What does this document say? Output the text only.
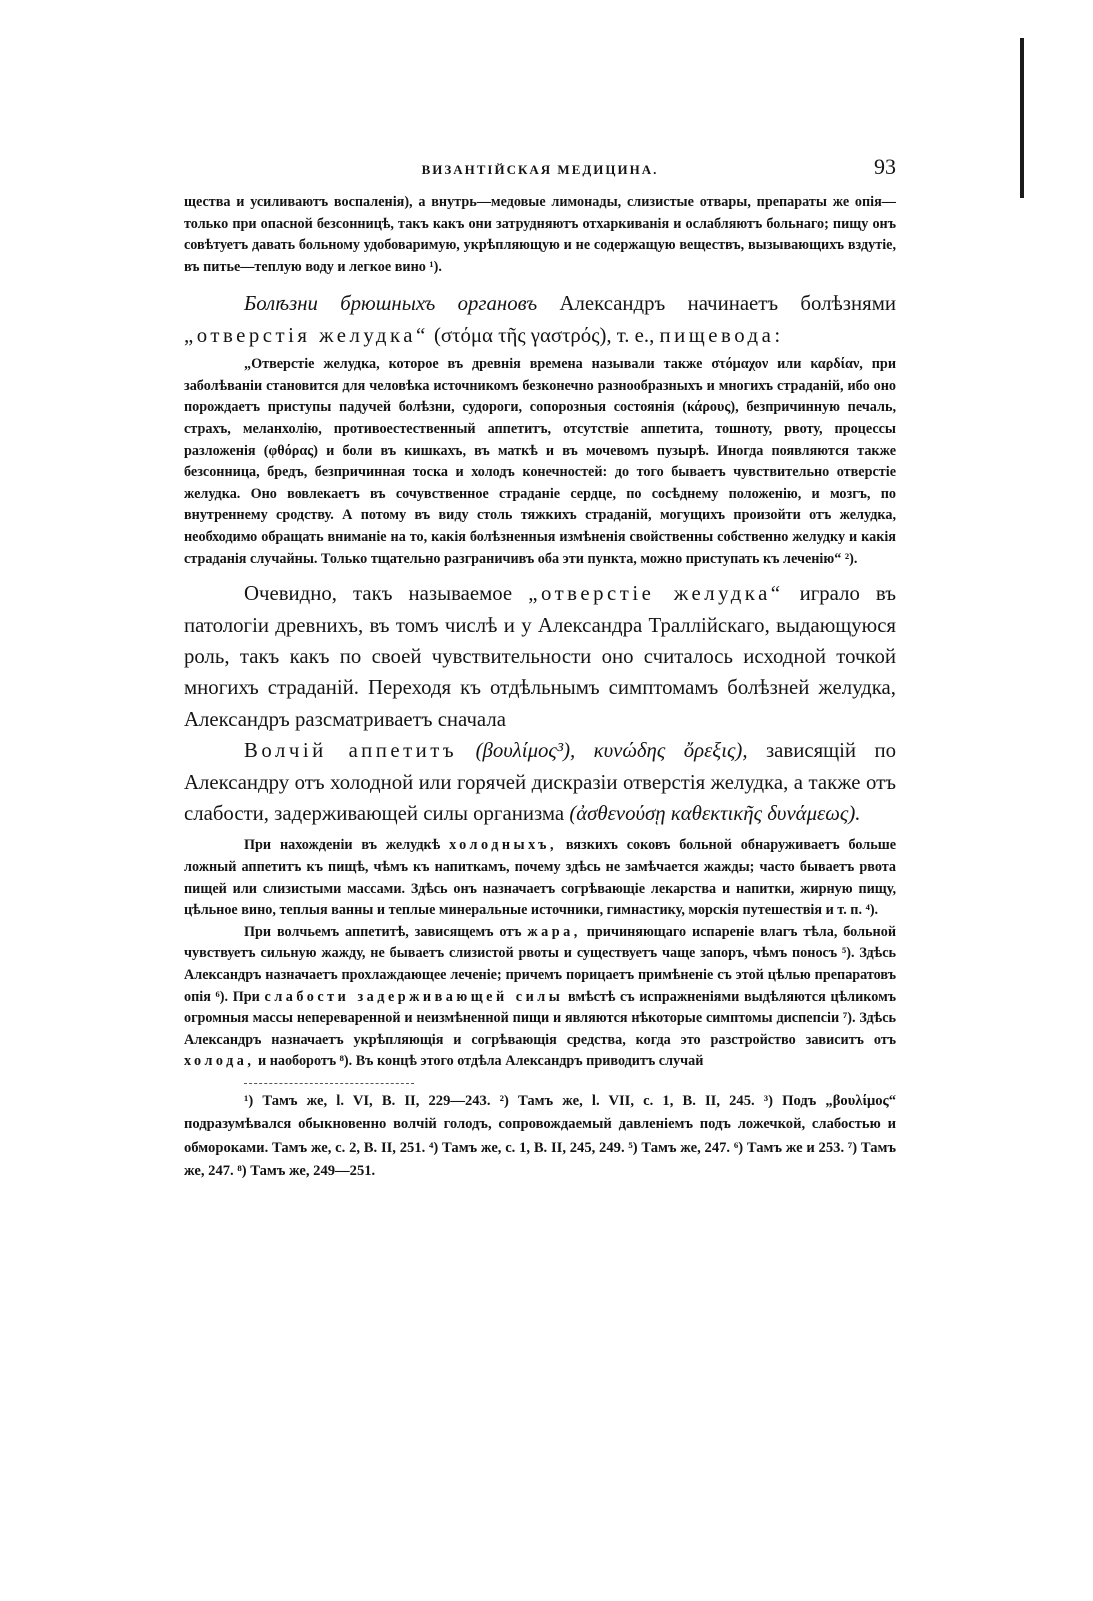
ВИЗАНТІЙСКАЯ МЕДИЦИНА.	93

щества и усиливаютъ воспаленія), а внутрь—медовые лимонады, слизистые отвары, препараты же опія—только при опасной безсонницѣ, такъ какъ они затрудняютъ отхаркиванія и ослабляютъ больнаго; пищу онъ совѣтуетъ давать больному удобоваримую, укрѣпляющую и не содержащую веществъ, вызывающихъ вздутіе, въ питье—теплую воду и легкое вино ¹).

Болѣзни брюшныхъ органовъ Александръ начинаетъ болѣзнями „отверстія желудка“ (στόμα τῆς γαστρός), т. е., пищевода:

„Отверстіе желудка, которое въ древнія времена называли также στόμαχον или καρδίαν, при заболѣваніи становится для человѣка источникомъ безконечно разнообразныхъ и многихъ страданій, ибо оно порождаетъ приступы падучей болѣзни, судороги, сопорозныя состоянія (κάρους), безпричинную печаль, страхъ, меланхолію, противоестественный аппетитъ, отсутствіе аппетита, тошноту, рвоту, процессы разложенія (φθόρας) и боли въ кишкахъ, въ маткѣ и въ мочевомъ пузырѣ. Иногда появляются также безсонница, бредъ, безпричинная тоска и холодъ конечностей: до того бываетъ чувствительно отверстіе желудка. Оно вовлекаетъ въ сочувственное страданіе сердце, по сосѣднему положенію, и мозгъ, по внутреннему сродству. А потому въ виду столь тяжкихъ страданій, могущихъ произойти отъ желудка, необходимо обращать вниманіе на то, какія болѣзненныя измѣненія свойственны собственно желудку и какія страданія случайны. Только тщательно разграничивъ оба эти пункта, можно приступать къ леченію“ ²).

Очевидно, такъ называемое „отверстіе желудка“ играло въ патологіи древнихъ, въ томъ числѣ и у Александра Траллійскаго, выдающуюся роль, такъ какъ по своей чувствительности оно считалось исходной точкой многихъ страданій. Переходя къ отдѣльнымъ симптомамъ болѣзней желудка, Александръ разсматриваетъ сначала

Волчій аппетитъ (βουλίμος³), κυνώδης ὄρεξις), зависящій по Александру отъ холодной или горячей дискразіи отверстія желудка, а также отъ слабости, задерживающей силы организма (ἀσθενούσῃ καθεκτικῆς δυνάμεως).

При нахожденіи въ желудкѣ холодныхъ, вязкихъ соковъ больной обнаруживаетъ больше ложный аппетитъ къ пищѣ, чѣмъ къ напиткамъ, почему здѣсь не замѣчается жажды; часто бываетъ рвота пищей или слизистыми массами. Здѣсь онъ назначаетъ согрѣвающіе лекарства и напитки, жирную пищу, цѣльное вино, теплыя ванны и теплые минеральные источники, гимнастику, морскія путешествія и т. п. ⁴).

При волчьемъ аппетитѣ, зависящемъ отъ жара, причиняющаго испареніе влагъ тѣла, больной чувствуетъ сильную жажду, не бываетъ слизистой рвоты и существуетъ чаще запоръ, чѣмъ поносъ ⁵). Здѣсь Александръ назначаетъ прохлаждающее леченіе; причемъ порицаетъ примѣненіе съ этой цѣлью препаратовъ опія ⁶). При слабости задерживающей силы вмѣстѣ съ испражненіями выдѣляются цѣликомъ огромныя массы непереваренной и неизмѣненной пищи и являются нѣкоторые симптомы диспепсіи ⁷). Здѣсь Александръ назначаетъ укрѣпляющія и согрѣвающія средства, когда это разстройство зависитъ отъ холода, и наоборотъ ⁸). Въ концѣ этого отдѣла Александръ приводитъ случай

¹) Тамъ же, l. VI, B. II, 229—243. ²) Тамъ же, l. VII, c. 1, B. II, 245. ³) Подъ „βουλίμος“ подразумѣвался обыкновенно волчій голодъ, сопровождаемый давленіемъ подъ ложечкой, слабостью и обмороками. Тамъ же, c. 2, B. II, 251. ⁴) Тамъ же, c. 1, B. II, 245, 249. ⁵) Тамъ же, 247. ⁶) Тамъ же и 253. ⁷) Тамъ же, 247. ⁸) Тамъ же, 249—251.
